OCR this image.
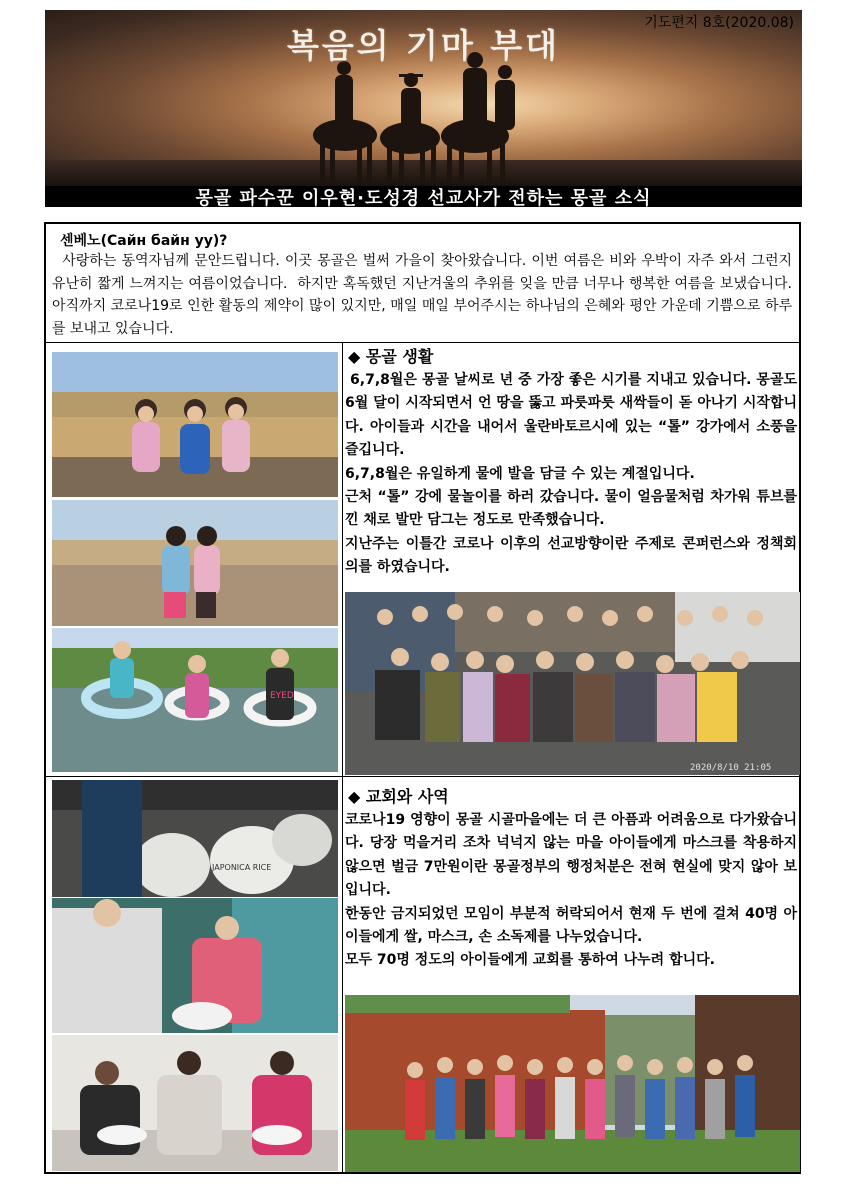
복음의 기마 부대
기도편지 8호(2020.08)
몽골 파수꾼 이우현·도성경 선교사가 전하는 몽골 소식
센베노(Сайн байн уу)?
사랑하는 동역자님께 문안드립니다. 이곳 몽골은 벌써 가을이 찾아왔습니다. 이번 여름은 비와 우박이 자주 와서 그런지 유난히 짧게 느껴지는 여름이었습니다.  하지만 혹독했던 지난겨울의 추위를 잊을 만큼 너무나 행복한 여름을 보냈습니다. 아직까지 코로나19로 인한 활동의 제약이 많이 있지만, 매일 매일 부어주시는 하나님의 은혜와 평안 가운데 기쁨으로 하루를 보내고 있습니다.
◆ 몽골 생활
6,7,8월은 몽골 날씨로 년 중 가장 좋은 시기를 지내고 있습니다. 몽골도 6월 달이 시작되면서 언 땅을 뚫고 파릇파릇 새싹들이 돋 아나기 시작합니다. 아이들과 시간을 내어서 울란바토르시에 있는 “톨” 강가에서 소풍을 즐깁니다.
6,7,8월은 유일하게 물에 발을 담글 수 있는 계절입니다.
근처 “톨” 강에 물놀이를 하러 갔습니다. 물이 얼음물처럼 차가워 튜브를 낀 채로 발만 담그는 정도로 만족했습니다.
지난주는 이틀간 코로나 이후의 선교방향이란 주제로 콘퍼런스와 정책회의를 하였습니다.
◆ 교회와 사역
코로나19 영향이 몽골 시골마을에는 더 큰 아픔과 어려움으로 다가왔습니다. 당장 먹을거리 조차 넉넉지 않는 마을 아이들에게 마스크를 착용하지 않으면 벌금 7만원이란 몽골정부의 행정처분은 전혀 현실에 맞지 않아 보입니다.
한동안 금지되었던 모임이 부분적 허락되어서 현재 두 번에 걸쳐 40명 아이들에게 쌀, 마스크, 손 소독제를 나누었습니다.
모두 70명 정도의 아이들에게 교회를 통하여 나누려 합니다.
EYED
2020/8/10 21:05
JAPONICA RICE
